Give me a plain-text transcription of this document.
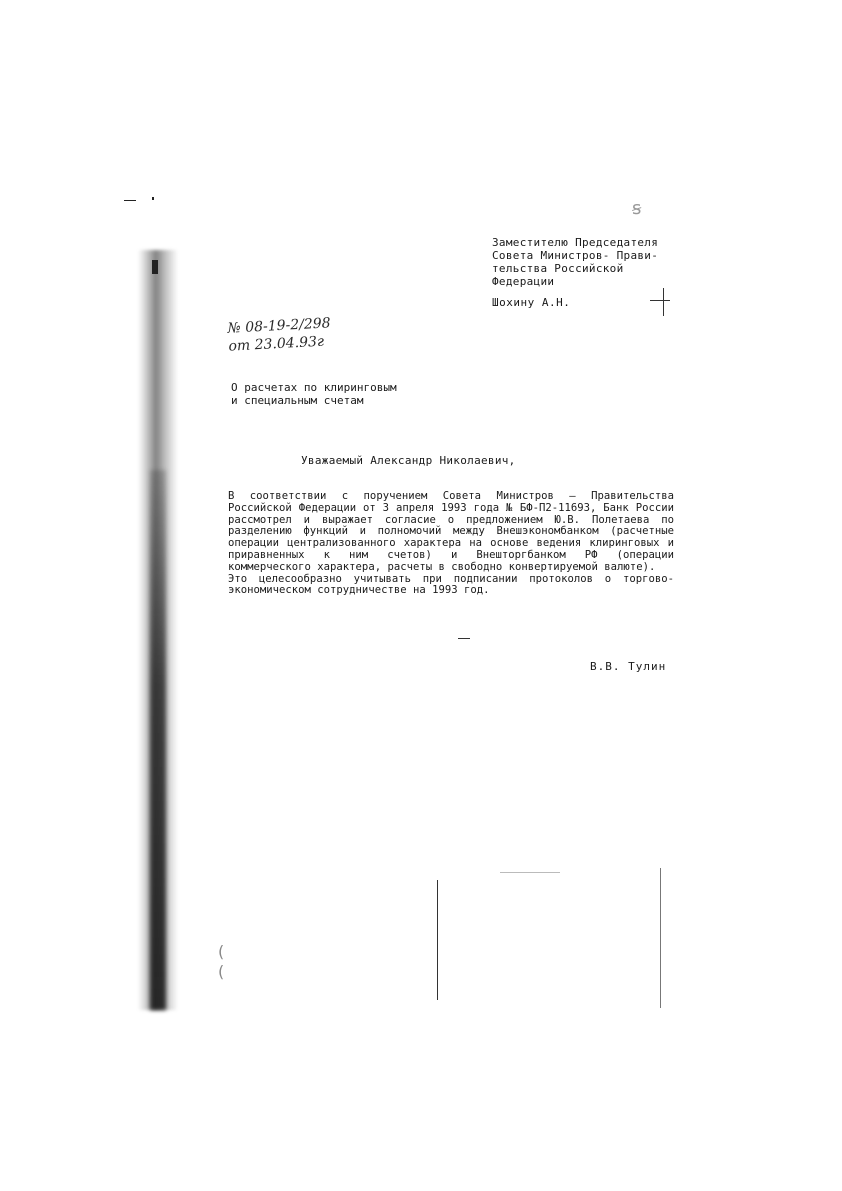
ꞩ
(
(
Заместителю Председателя
Совета Министров- Прави-
тельства Российской
Федерации
Шохину А.Н.
№ 08-19-2/298
от 23.04.93г
О расчетах по клиринговым
и специальным счетам
Уважаемый Александр Николаевич,

В соответствии с поручением Совета Министров – Правительства Российской Федерации от 3 апреля 1993 года № БФ-П2-11693, Банк России рассмотрел и выражает согласие о предложением Ю.В. Полетаева по разделению функций и полномочий между Внешэкономбанком (расчетные операции централизованного характера на основе ведения клиринговых и приравненных к ним счетов) и Внешторгбанком РФ (операции коммерческого характера, расчеты в свободно конвертируемой валюте).

Это целесообразно учитывать при подписании протоколов о торгово-экономическом сотрудничестве на 1993 год.

В.В. Тулин
